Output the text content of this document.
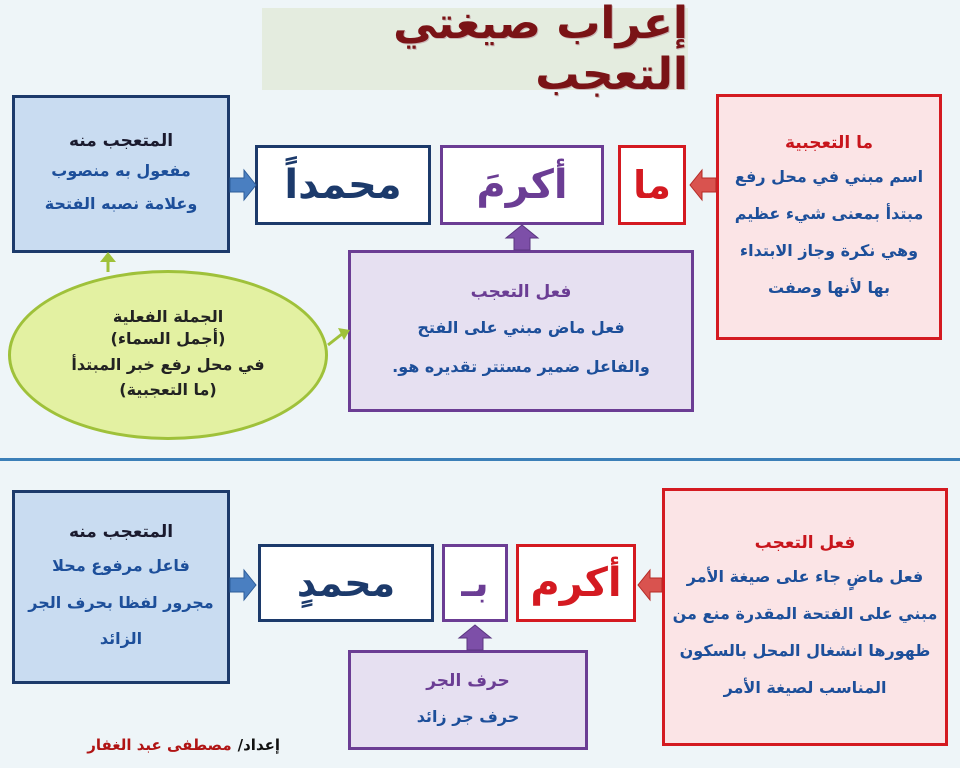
إعراب صيغتي التعجب
المتعجب منه
مفعول به منصوب
وعلامة نصبه الفتحة محمداً أكرمَ ما
ما التعجبية
اسم مبني في محل رفع
مبتدأ بمعنى شيء عظيم
وهي نكرة وجاز الابتداء
بها لأنها وصفت
فعل التعجب
فعل ماض مبني على الفتح
والفاعل ضمير مستتر تقديره هو.
الجملة الفعلية
(أجمل السماء)
في محل رفع خبر المبتدأ
(ما التعجبية)
المتعجب منه
فاعل مرفوع محلا
مجرور لفظا بحرف الجر
الزائد
محمدٍ بـ أكرم
فعل التعجب
فعل ماضٍ جاء على صيغة الأمر
مبني على الفتحة المقدرة منع من
ظهورها انشغال المحل بالسكون
المناسب لصيغة الأمر
حرف الجر
حرف جر زائد
إعداد/
مصطفى عبد الغفار
